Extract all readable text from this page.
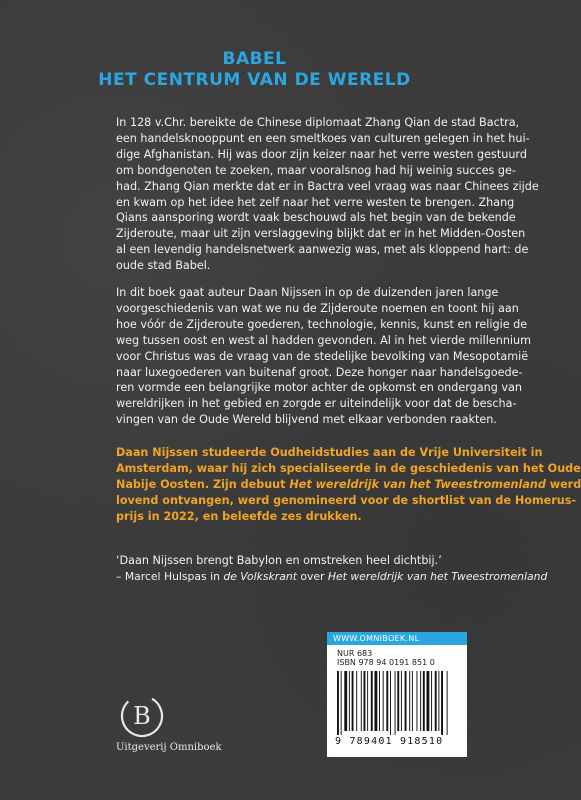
BABEL
HET CENTRUM VAN DE WERELD
In 128 v.Chr. bereikte de Chinese diplomaat Zhang Qian de stad Bactra,
een handelsknooppunt en een smeltkoes van culturen gelegen in het hui-
dige Afghanistan. Hij was door zijn keizer naar het verre westen gestuurd
om bondgenoten te zoeken, maar vooralsnog had hij weinig succes ge-
had. Zhang Qian merkte dat er in Bactra veel vraag was naar Chinees zijde
en kwam op het idee het zelf naar het verre westen te brengen. Zhang
Qians aansporing wordt vaak beschouwd als het begin van de bekende
Zijderoute, maar uit zijn verslaggeving blijkt dat er in het Midden-Oosten
al een levendig handelsnetwerk aanwezig was, met als kloppend hart: de
oude stad Babel.
In dit boek gaat auteur Daan Nijssen in op de duizenden jaren lange
voorgeschiedenis van wat we nu de Zijderoute noemen en toont hij aan
hoe vóór de Zijderoute goederen, technologie, kennis, kunst en religie de
weg tussen oost en west al hadden gevonden. Al in het vierde millennium
voor Christus was de vraag van de stedelijke bevolking van Mesopotamië
naar luxegoederen van buitenaf groot. Deze honger naar handelsgoede-
ren vormde een belangrijke motor achter de opkomst en ondergang van
wereldrijken in het gebied en zorgde er uiteindelijk voor dat de bescha-
vingen van de Oude Wereld blijvend met elkaar verbonden raakten.
Daan Nijssen studeerde Oudheidstudies aan de Vrije Universiteit in
Amsterdam, waar hij zich specialiseerde in de geschiedenis van het Oude
Nabije Oosten. Zijn debuut Het wereldrijk van het Tweestromenland werd
lovend ontvangen, werd genomineerd voor de shortlist van de Homerus-
prijs in 2022, en beleefde zes drukken.
‘Daan Nijssen brengt Babylon en omstreken heel dichtbij.’
– Marcel Hulspas in de Volkskrant over Het wereldrijk van het Tweestromenland
B
Uitgeverij Omniboek
WWW.OMNIBOEK.NL
NUR 683
ISBN 978 94 0191 851 0
9 789401 918510
